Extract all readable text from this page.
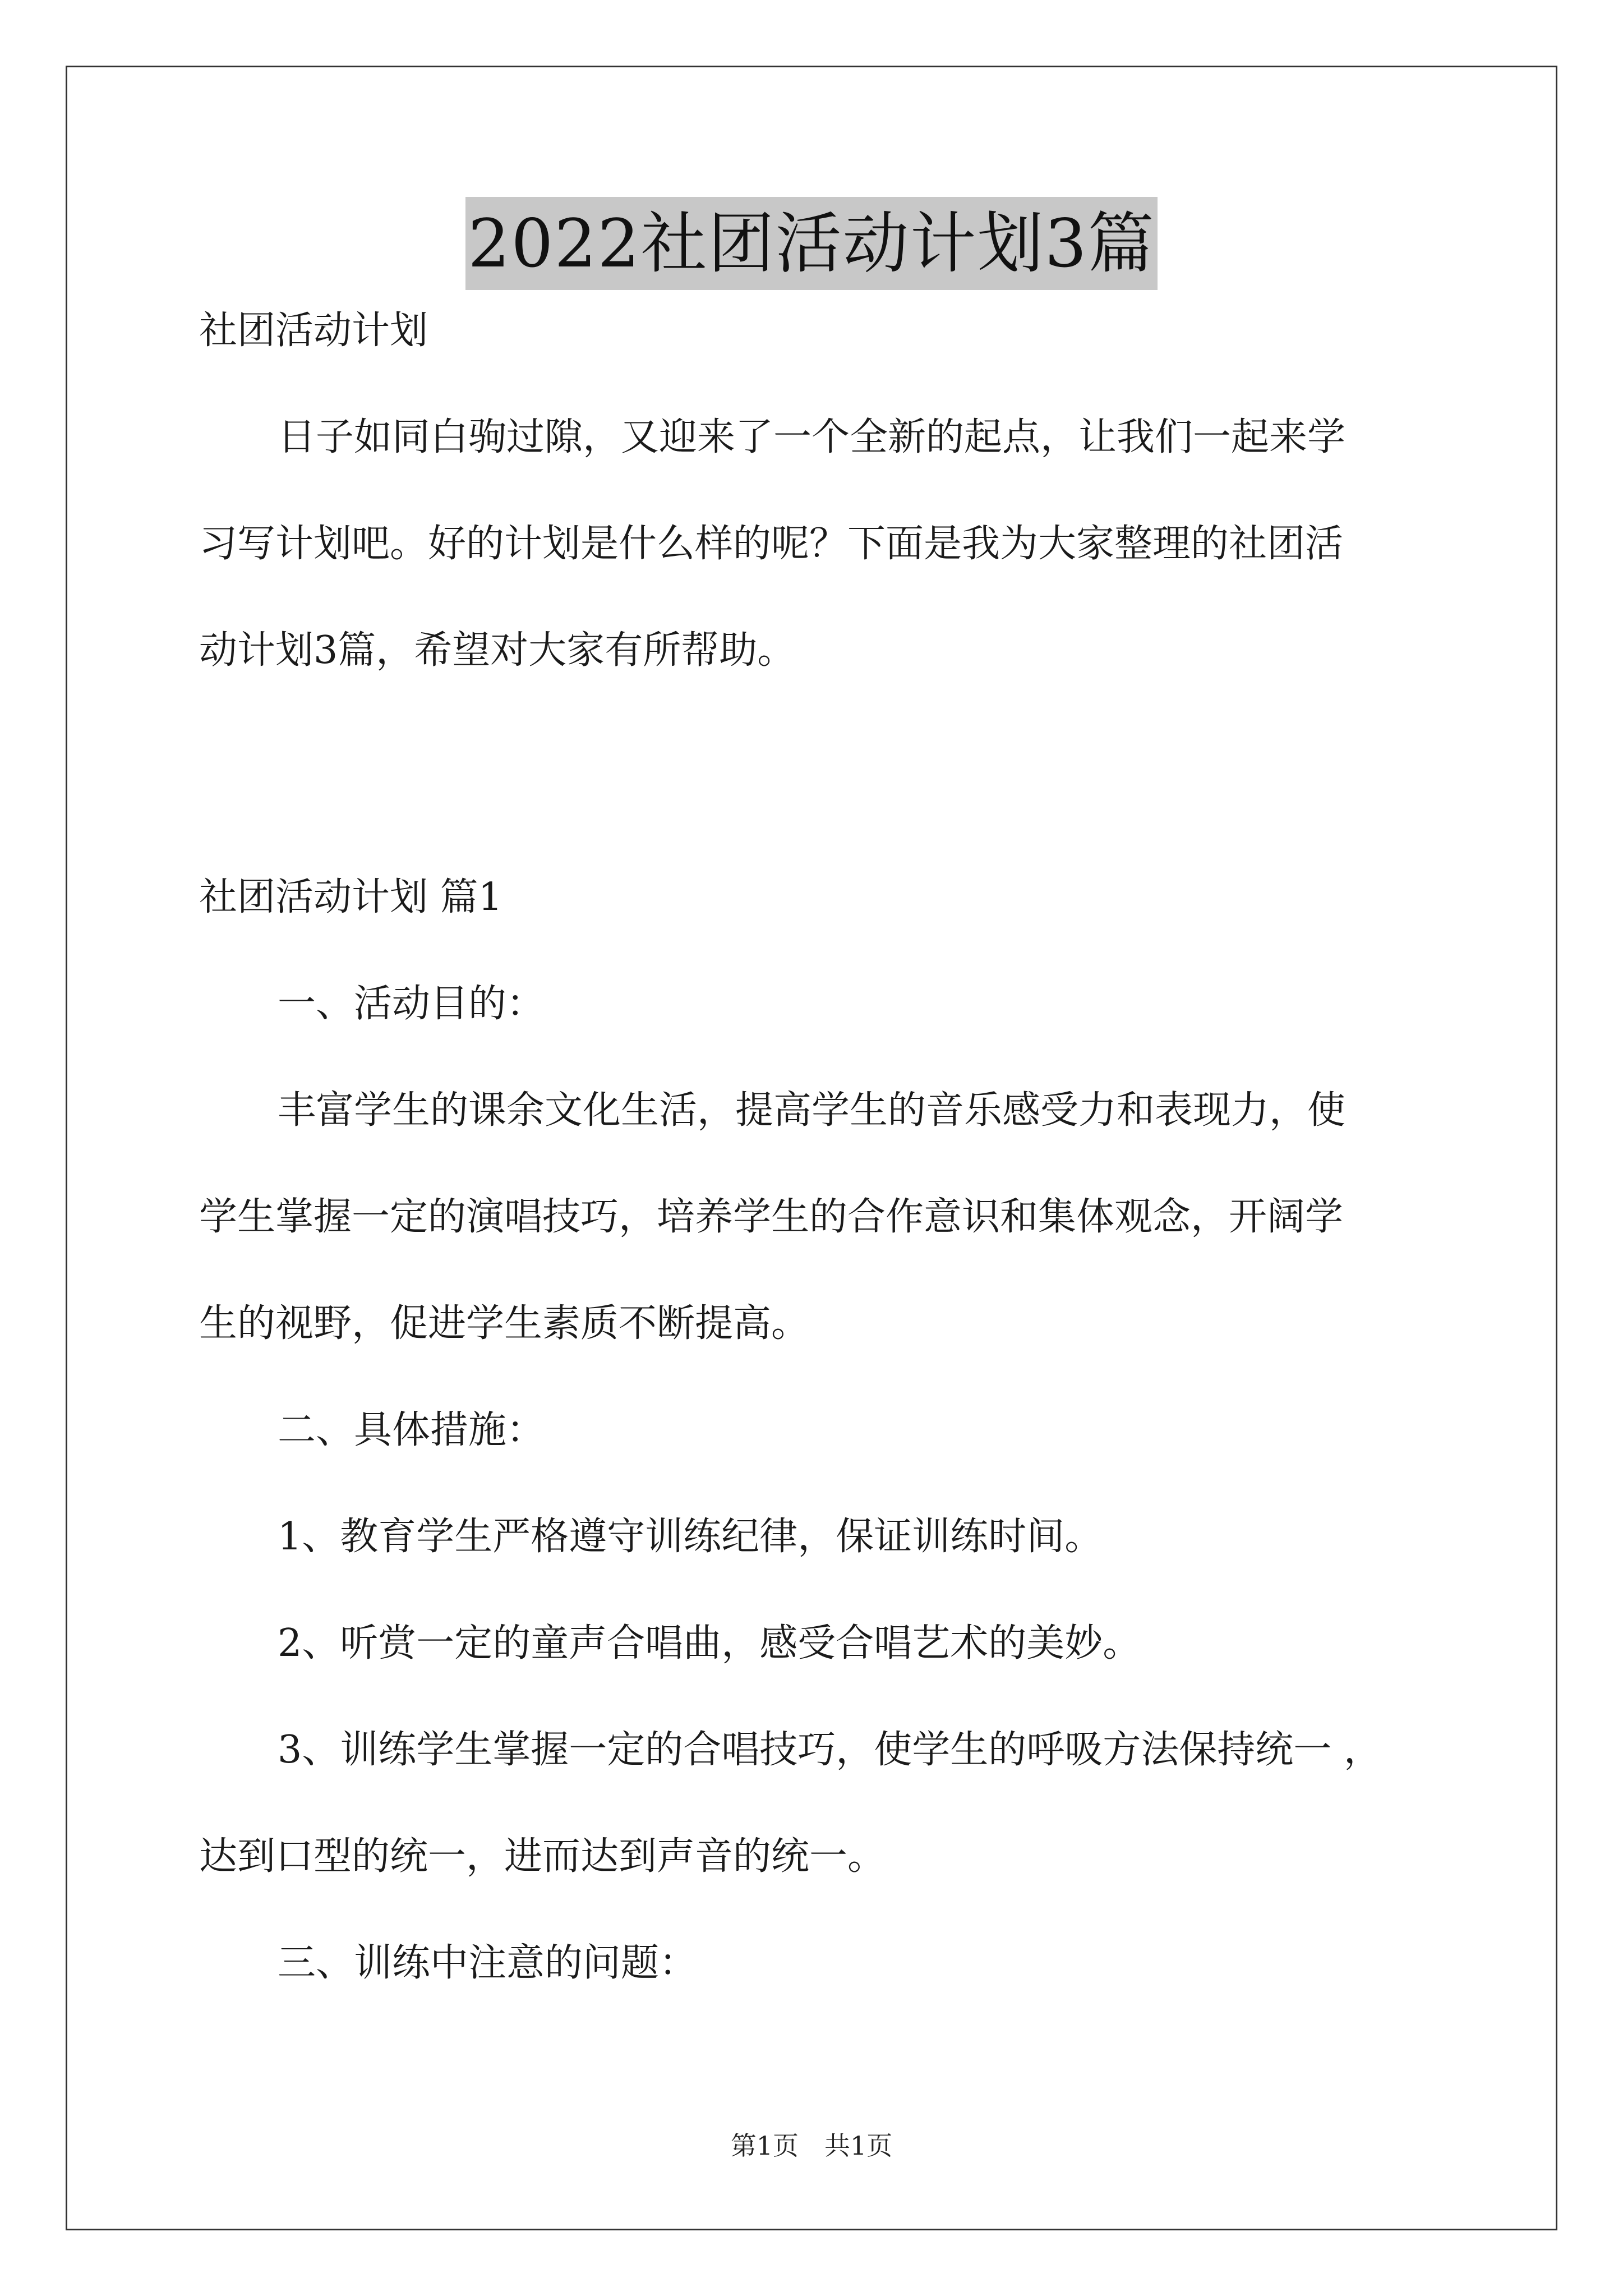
2022社团活动计划3篇
社团活动计划
日子如同白驹过隙，又迎来了一个全新的起点，让我们一起来学
习写计划吧。好的计划是什么样的呢？下面是我为大家整理的社团活
动计划3篇，希望对大家有所帮助。
社团活动计划 篇1
一、活动目的：
丰富学生的课余文化生活，提高学生的音乐感受力和表现力，使
学生掌握一定的演唱技巧，培养学生的合作意识和集体观念，开阔学
生的视野，促进学生素质不断提高。
二、具体措施：
1、教育学生严格遵守训练纪律，保证训练时间。
2、听赏一定的童声合唱曲，感受合唱艺术的美妙。
3、训练学生掌握一定的合唱技巧，使学生的呼吸方法保持统一 ，
达到口型的统一，进而达到声音的统一。
三、训练中注意的问题：
第1页　共1页
